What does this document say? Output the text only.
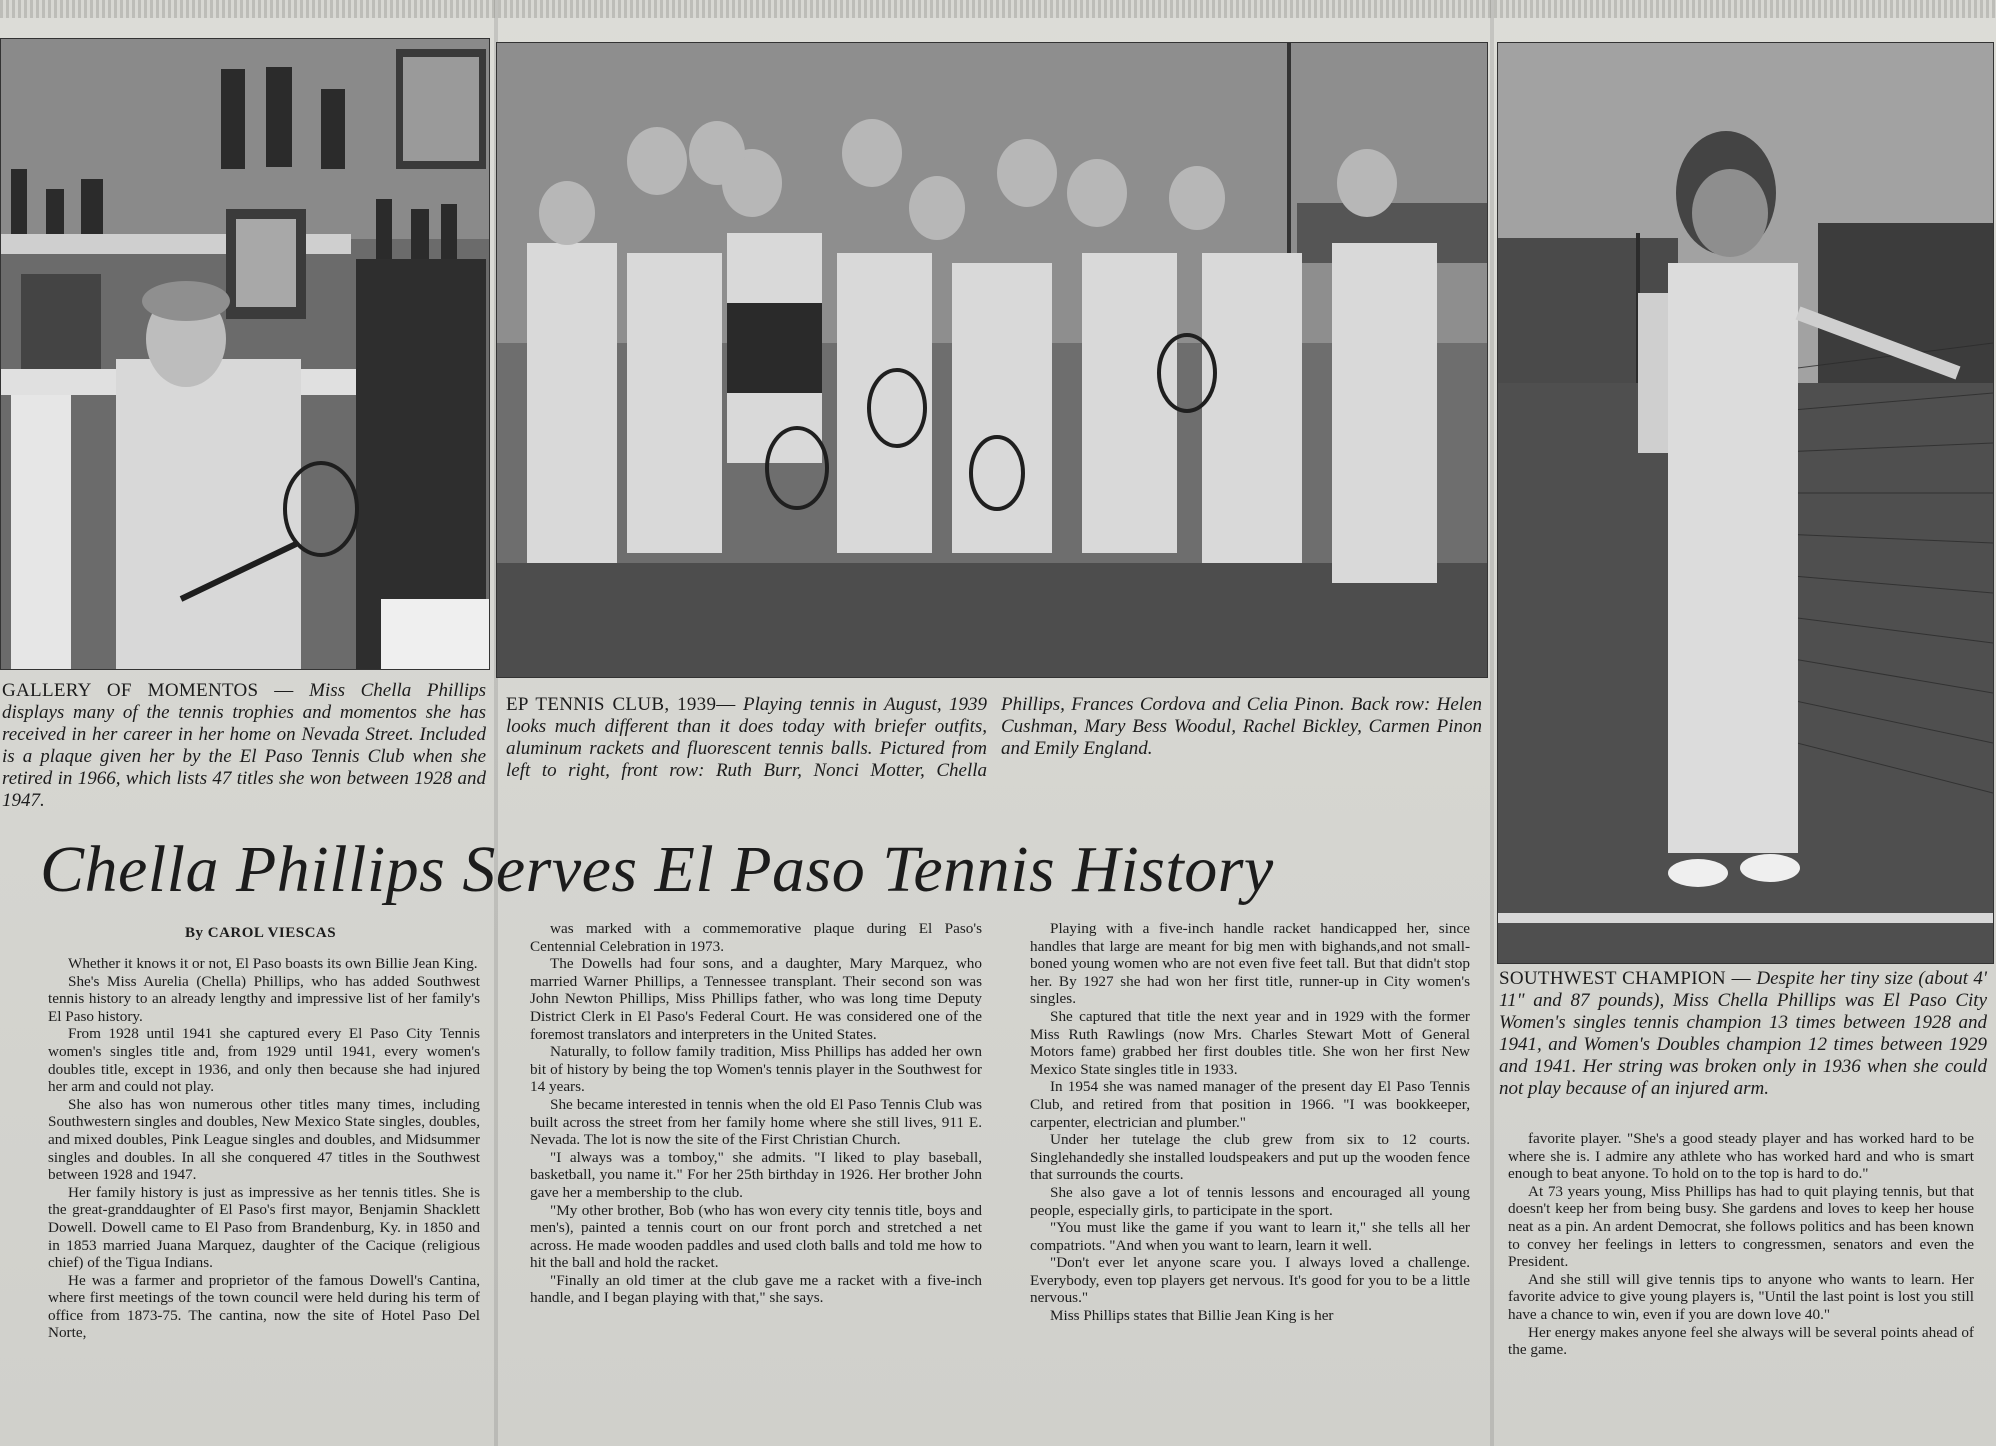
GALLERY OF MOMENTOS — Miss Chella Phillips displays many of the tennis trophies and momentos she has received in her career in her home on Nevada Street. Included is a plaque given her by the El Paso Tennis Club when she retired in 1966, which lists 47 titles she won between 1928 and 1947.
EP TENNIS CLUB, 1939— Playing tennis in August, 1939 looks much different than it does today with briefer outfits, aluminum rackets and fluorescent tennis balls. Pictured from left to right, front row: Ruth Burr, Nonci Motter, Chella Phillips, Frances Cordova and Celia Pinon. Back row: Helen Cushman, Mary Bess Woodul, Rachel Bickley, Carmen Pinon and Emily England.
SOUTHWEST CHAMPION — Despite her tiny size (about 4' 11" and 87 pounds), Miss Chella Phillips was El Paso City Women's singles tennis champion 13 times between 1928 and 1941, and Women's Doubles champion 12 times between 1929 and 1941. Her string was broken only in 1936 when she could not play because of an injured arm.
Chella Phillips Serves El Paso Tennis History
By CAROL VIESCAS

Whether it knows it or not, El Paso boasts its own Billie Jean King.

She's Miss Aurelia (Chella) Phillips, who has added Southwest tennis history to an already lengthy and impressive list of her family's El Paso history.

From 1928 until 1941 she captured every El Paso City Tennis women's singles title and, from 1929 until 1941, every women's doubles title, except in 1936, and only then because she had injured her arm and could not play.

She also has won numerous other titles many times, including Southwestern singles and doubles, New Mexico State singles, doubles, and mixed doubles, Pink League singles and doubles, and Midsummer singles and doubles. In all she conquered 47 titles in the Southwest between 1928 and 1947.

Her family history is just as impressive as her tennis titles. She is the great-granddaughter of El Paso's first mayor, Benjamin Shacklett Dowell. Dowell came to El Paso from Brandenburg, Ky. in 1850 and in 1853 married Juana Marquez, daughter of the Cacique (religious chief) of the Tigua Indians.

He was a farmer and proprietor of the famous Dowell's Cantina, where first meetings of the town council were held during his term of office from 1873-75. The cantina, now the site of Hotel Paso Del Norte,

was marked with a commemorative plaque during El Paso's Centennial Celebration in 1973.

The Dowells had four sons, and a daughter, Mary Marquez, who married Warner Phillips, a Tennessee transplant. Their second son was John Newton Phillips, Miss Phillips father, who was long time Deputy District Clerk in El Paso's Federal Court. He was considered one of the foremost translators and interpreters in the United States.

Naturally, to follow family tradition, Miss Phillips has added her own bit of history by being the top Women's tennis player in the Southwest for 14 years.

She became interested in tennis when the old El Paso Tennis Club was built across the street from her family home where she still lives, 911 E. Nevada. The lot is now the site of the First Christian Church.

"I always was a tomboy," she admits. "I liked to play baseball, basketball, you name it." For her 25th birthday in 1926. Her brother John gave her a membership to the club.

"My other brother, Bob (who has won every city tennis title, boys and men's), painted a tennis court on our front porch and stretched a net across. He made wooden paddles and used cloth balls and told me how to hit the ball and hold the racket.

"Finally an old timer at the club gave me a racket with a five-inch handle, and I began playing with that," she says.

Playing with a five-inch handle racket handicapped her, since handles that large are meant for big men with bighands,and not small-boned young women who are not even five feet tall. But that didn't stop her. By 1927 she had won her first title, runner-up in City women's singles.

She captured that title the next year and in 1929 with the former Miss Ruth Rawlings (now Mrs. Charles Stewart Mott of General Motors fame) grabbed her first doubles title. She won her first New Mexico State singles title in 1933.

In 1954 she was named manager of the present day El Paso Tennis Club, and retired from that position in 1966. "I was bookkeeper, carpenter, electrician and plumber."

Under her tutelage the club grew from six to 12 courts. Singlehandedly she installed loudspeakers and put up the wooden fence that surrounds the courts.

She also gave a lot of tennis lessons and encouraged all young people, especially girls, to participate in the sport.

"You must like the game if you want to learn it," she tells all her compatriots. "And when you want to learn, learn it well.

"Don't ever let anyone scare you. I always loved a challenge. Everybody, even top players get nervous. It's good for you to be a little nervous."

Miss Phillips states that Billie Jean King is her

favorite player. "She's a good steady player and has worked hard to be where she is. I admire any athlete who has worked hard and who is smart enough to beat anyone. To hold on to the top is hard to do."

At 73 years young, Miss Phillips has had to quit playing tennis, but that doesn't keep her from being busy. She gardens and loves to keep her house neat as a pin. An ardent Democrat, she follows politics and has been known to convey her feelings in letters to congressmen, senators and even the President.

And she still will give tennis tips to anyone who wants to learn. Her favorite advice to give young players is, "Until the last point is lost you still have a chance to win, even if you are down love 40."

Her energy makes anyone feel she always will be several points ahead of the game.
